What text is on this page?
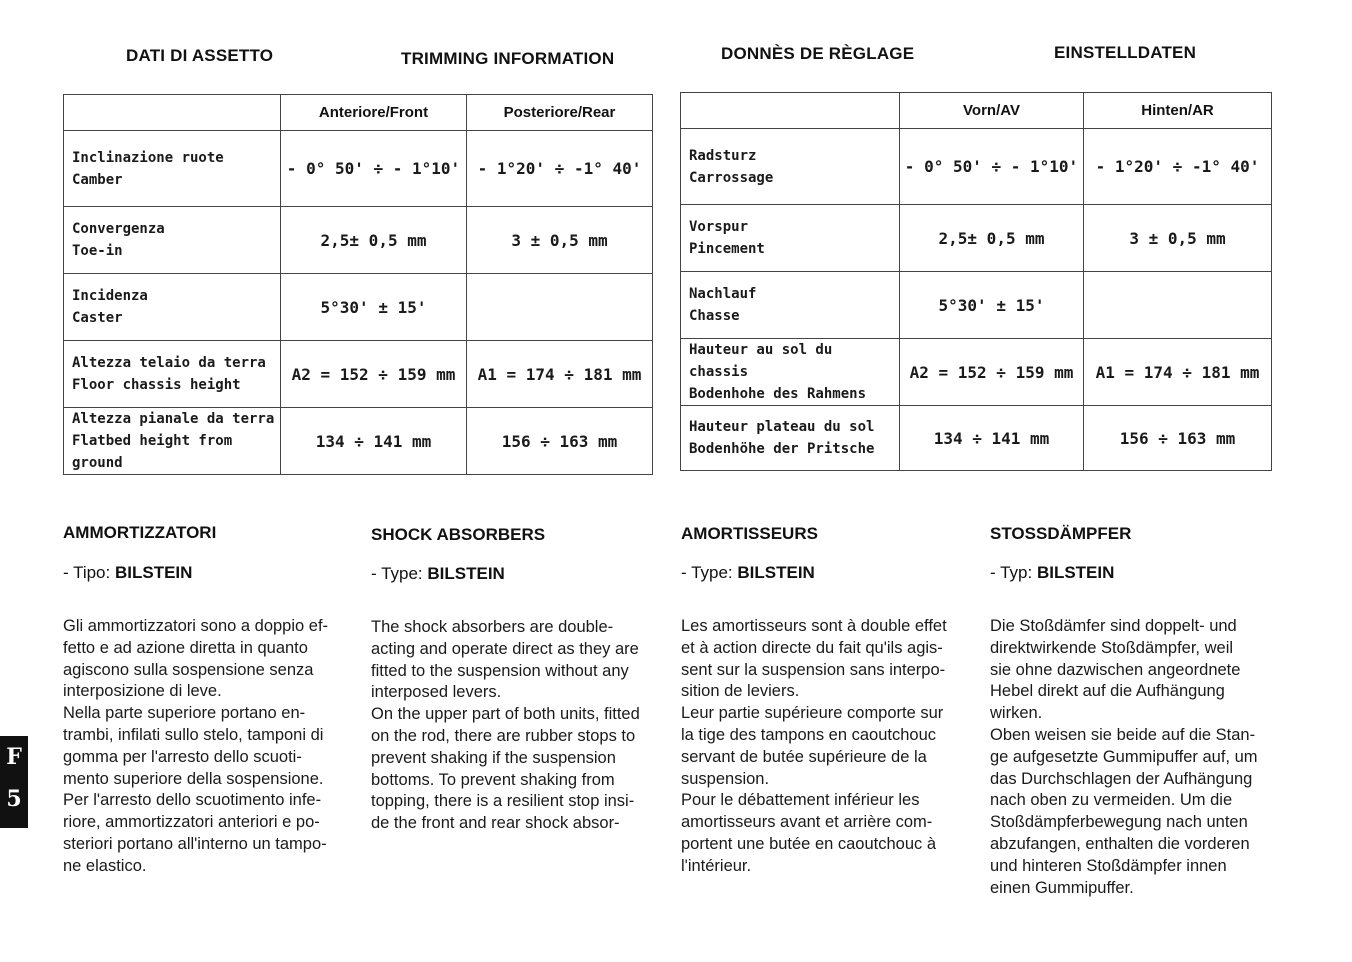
DATI DI ASSETTO	TRIMMING INFORMATION	DONNÈS DE RÈGLAGE	EINSTELLDATEN
	Anteriore/Front	Posteriore/Rear

Inclinazione ruote
Camber	- 0° 50' ÷ - 1°10'	- 1°20' ÷ -1° 40'

Convergenza
Toe-in	2,5± 0,5 mm	3 ± 0,5 mm

Incidenza
Caster	5°30' ± 15'	

Altezza telaio da terra
Floor chassis height	A2 = 152 ÷ 159 mm	A1 = 174 ÷ 181 mm

Altezza pianale da terra
Flatbed height from ground	134 ÷ 141 mm	156 ÷ 163 mm
	Vorn/AV	Hinten/AR

Radsturz
Carrossage	- 0° 50' ÷ - 1°10'	- 1°20' ÷ -1° 40'

Vorspur
Pincement	2,5± 0,5 mm	3 ± 0,5 mm

Nachlauf
Chasse	5°30' ± 15'	

Hauteur au sol du chassis
Bodenhohe des Rahmens	A2 = 152 ÷ 159 mm	A1 = 174 ÷ 181 mm

Hauteur plateau du sol
Bodenhöhe der Pritsche	134 ÷ 141 mm	156 ÷ 163 mm
AMMORTIZZATORI	SHOCK ABSORBERS	AMORTISSEURS	STOSSDÄMPFER
- Tipo: BILSTEIN	- Type: BILSTEIN	- Type: BILSTEIN	- Typ: BILSTEIN
Gli ammortizzatori sono a doppio ef-
fetto e ad azione diretta in quanto
agiscono sulla sospensione senza
interposizione di leve.
Nella parte superiore portano en-
trambi, infilati sullo stelo, tamponi di
gomma per l'arresto dello scuoti-
mento superiore della sospensione.
Per l'arresto dello scuotimento infe-
riore, ammortizzatori anteriori e po-
steriori portano all'interno un tampo-
ne elastico.
The shock absorbers are double-
acting and operate direct as they are
fitted to the suspension without any
interposed levers.
On the upper part of both units, fitted
on the rod, there are rubber stops to
prevent shaking if the suspension
bottoms. To prevent shaking from
topping, there is a resilient stop insi-
de the front and rear shock absor-
Les amortisseurs sont à double effet
et à action directe du fait qu'ils agis-
sent sur la suspension sans interpo-
sition de leviers.
Leur partie supérieure comporte sur
la tige des tampons en caoutchouc
servant de butée supérieure de la
suspension.
Pour le débattement inférieur les
amortisseurs avant et arrière com-
portent une butée en caoutchouc à
l'intérieur.
Die Stoßdämfer sind doppelt- und
direktwirkende Stoßdämpfer, weil
sie ohne dazwischen angeordnete
Hebel direkt auf die Aufhängung
wirken.
Oben weisen sie beide auf die Stan-
ge aufgesetzte Gummipuffer auf, um
das Durchschlagen der Aufhängung
nach oben zu vermeiden. Um die
Stoßdämpferbewegung nach unten
abzufangen, enthalten die vorderen
und hinteren Stoßdämpfer innen
einen Gummipuffer.
F
5
